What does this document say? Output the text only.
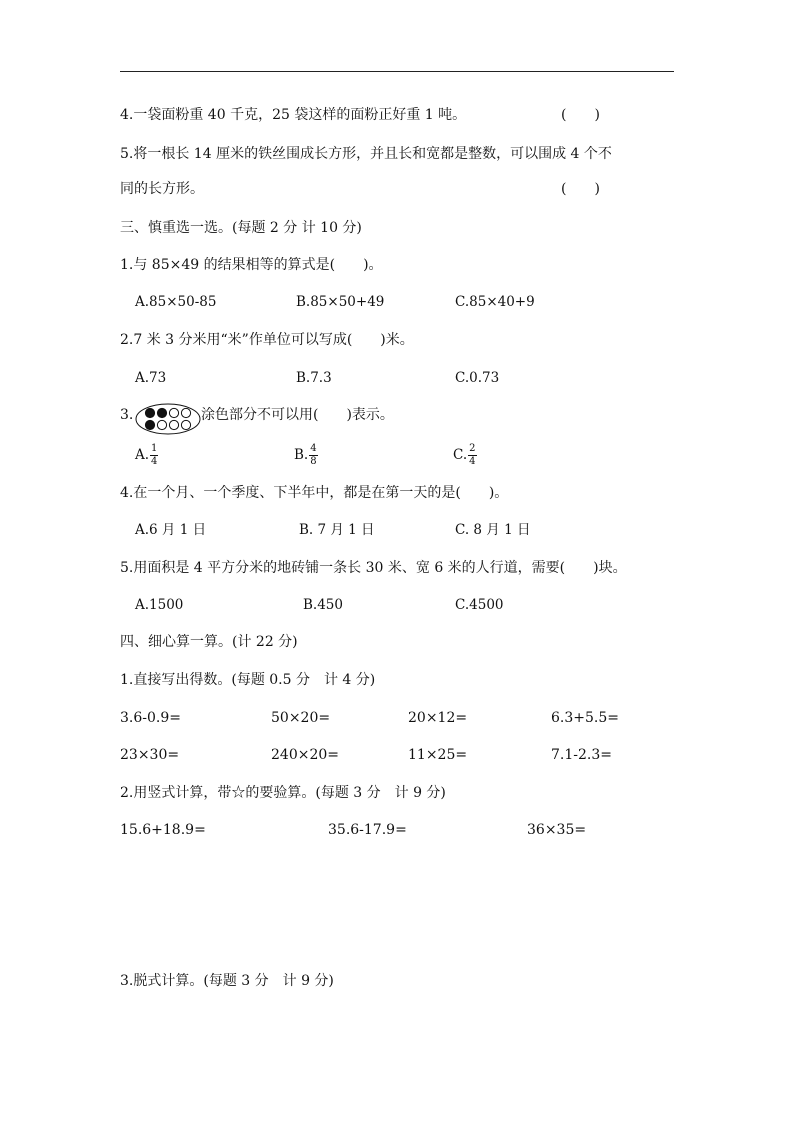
4.一袋面粉重 40 千克，25 袋这样的面粉正好重 1 吨。	(　　)
5.将一根长 14 厘米的铁丝围成长方形，并且长和宽都是整数，可以围成 4 个不
同的长方形。	(　　)
三、慎重选一选。(每题 2 分 计 10 分)
1.与 85×49 的结果相等的算式是(　　)。
A.85×50-85	B.85×50+49	C.85×40+9
2.7 米 3 分米用“米”作单位可以写成(　　)米。
A.73	B.7.3	C.0.73
3.	涂色部分不可以用(　　)表示。
A. $\frac{1}{4}$	B. $\frac{4}{8}$	C. $\frac{2}{4}$
4.在一个月、一个季度、下半年中，都是在第一天的是(　　)。
A.6 月 1 日	B. 7 月 1 日	C. 8 月 1 日
5.用面积是 4 平方分米的地砖铺一条长 30 米、宽 6 米的人行道，需要(　　)块。
A.1500	B.450	C.4500
四、细心算一算。(计 22 分)
1.直接写出得数。(每题 0.5 分　计 4 分)
3.6-0.9=	50×20=	20×12=	6.3+5.5=
23×30=	240×20=	11×25=	7.1-2.3=
2.用竖式计算，带☆的要验算。(每题 3 分　计 9 分)
15.6+18.9=	35.6-17.9=	36×35=
3.脱式计算。(每题 3 分　计 9 分)
